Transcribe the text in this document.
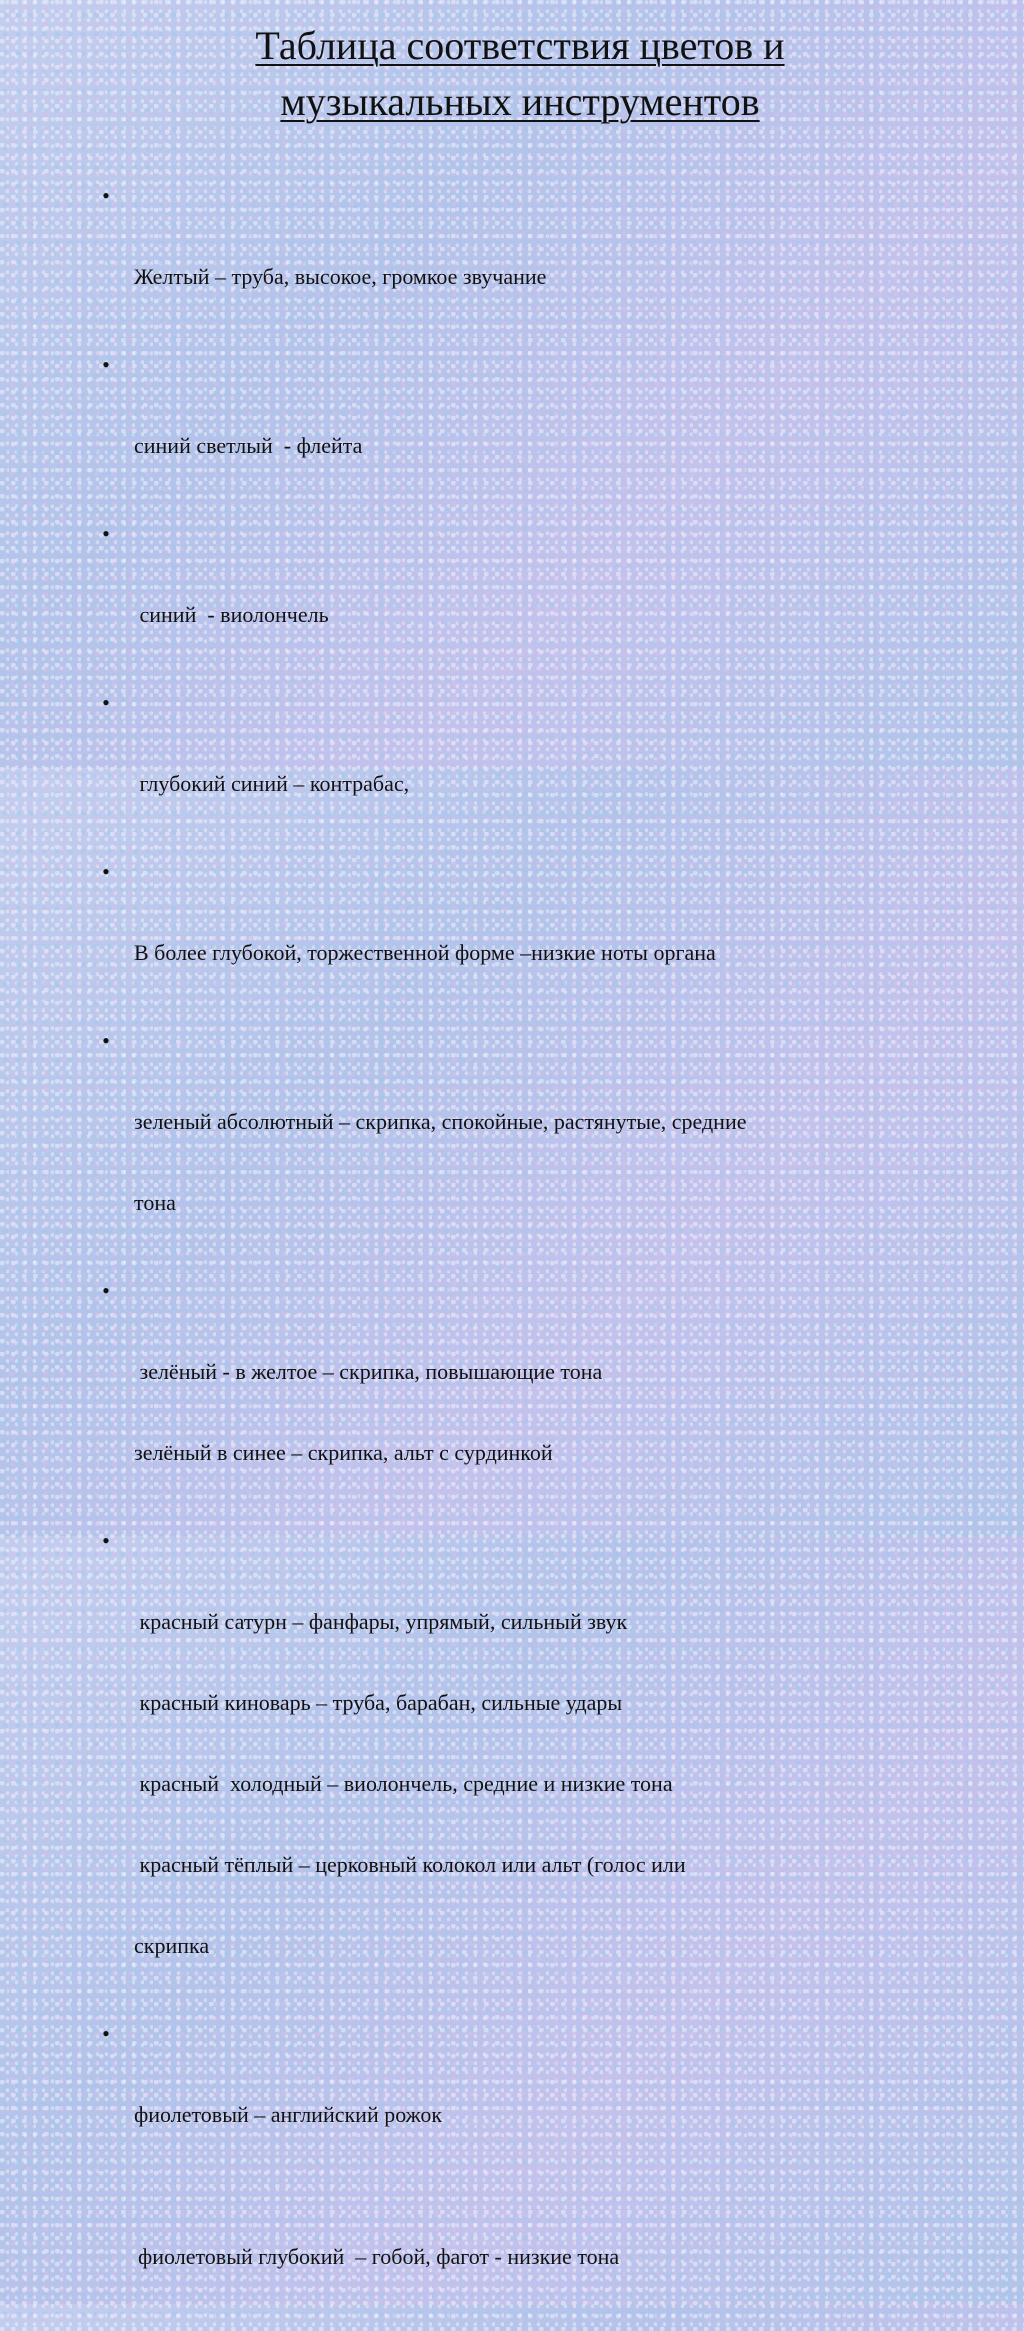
Таблица соответствия цветов и
музыкальных инструментов

•

Желтый – труба, высокое, громкое звучание

•

синий светлый  - флейта

•

синий  - виолончель

•

глубокий синий – контрабас,

•

В более глубокой, торжественной форме –низкие ноты органа

•

зеленый абсолютный – скрипка, спокойные, растянутые, средние

тона

•

зелёный - в желтое – скрипка, повышающие тона

зелёный в синее – скрипка, альт с сурдинкой

•

красный сатурн – фанфары, упрямый, сильный звук

красный киноварь – труба, барабан, сильные удары

красный  холодный – виолончель, средние и низкие тона

красный тёплый – церковный колокол или альт (голос или

скрипка

•

фиолетовый – английский рожок

фиолетовый глубокий  – гобой, фагот - низкие тона
